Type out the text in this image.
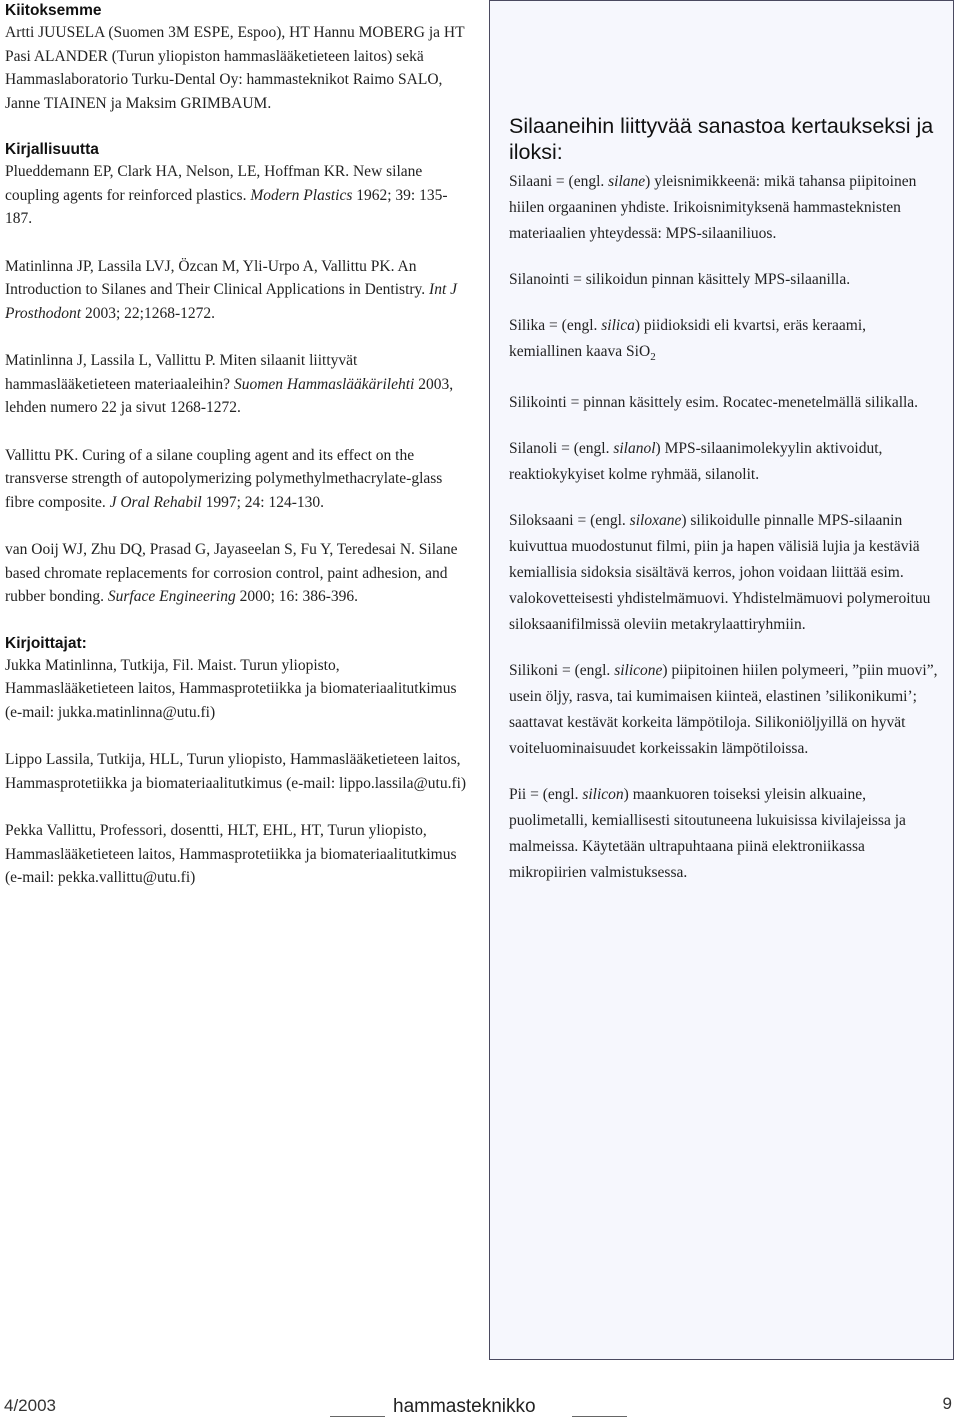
Kiitoksemme

Artti JUUSELA (Suomen 3M ESPE, Espoo), HT Hannu MOBERG ja HT Pasi ALANDER (Turun yliopiston hammaslääketieteen laitos) sekä Hammaslaboratorio Turku-Dental Oy: hammasteknikot Raimo SALO, Janne TIAINEN ja Maksim GRIMBAUM.

Kirjallisuutta

Plueddemann EP, Clark HA, Nelson, LE, Hoffman KR. New silane coupling agents for reinforced plastics. Modern Plastics 1962; 39: 135-187.

Matinlinna JP, Lassila LVJ, Özcan M, Yli-Urpo A, Vallittu PK. An Introduction to Silanes and Their Clinical Applications in Dentistry. Int J Prosthodont 2003; 22;1268-1272.

Matinlinna J, Lassila L, Vallittu P. Miten silaanit liittyvät hammaslääketieteen materiaaleihin? Suomen Hammaslääkärilehti 2003, lehden numero 22 ja sivut 1268-1272.

Vallittu PK. Curing of a silane coupling agent and its effect on the transverse strength of autopolymerizing polymethylmethacrylate-glass fibre composite. J Oral Rehabil 1997; 24: 124-130.

van Ooij WJ, Zhu DQ, Prasad G, Jayaseelan S, Fu Y, Teredesai N. Silane based chromate replacements for corrosion control, paint adhesion, and rubber bonding. Surface Engineering 2000; 16: 386-396.

Kirjoittajat:

Jukka Matinlinna, Tutkija, Fil. Maist. Turun yliopisto, Hammaslääketieteen laitos, Hammasprotetiikka ja biomateriaalitutkimus (e-mail: jukka.matinlinna@utu.fi)

Lippo Lassila, Tutkija, HLL, Turun yliopisto, Hammaslääketieteen laitos, Hammasprotetiikka ja biomateriaalitutkimus (e-mail: lippo.lassila@utu.fi)

Pekka Vallittu, Professori, dosentti, HLT, EHL, HT, Turun yliopisto, Hammaslääketieteen laitos, Hammasprotetiikka ja biomateriaalitutkimus (e-mail: pekka.vallittu@utu.fi)

Silaaneihin liittyvää sanastoa kertaukseksi ja iloksi:

Silaani = (engl. silane) yleisnimikkeenä: mikä tahansa piipitoinen hiilen orgaaninen yhdiste. Irikoisnimityksenä hammasteknisten materiaalien yhteydessä: MPS-silaaniliuos.

Silanointi = silikoidun pinnan käsittely MPS-silaanilla.

Silika = (engl. silica) piidioksidi eli kvartsi, eräs keraami, kemiallinen kaava SiO$_2$

Silikointi = pinnan käsittely esim. Rocatec-menetelmällä silikalla.

Silanoli = (engl. silanol) MPS-silaanimolekyylin aktivoidut, reaktiokykyiset kolme ryhmää, silanolit.

Siloksaani = (engl. siloxane) silikoidulle pinnalle MPS-silaanin kuivuttua muodostunut filmi, piin ja hapen välisiä lujia ja kestäviä kemiallisia sidoksia sisältävä kerros, johon voidaan liittää esim. valokovetteisesti yhdistelmämuovi. Yhdistelmämuovi polymeroituu siloksaanifilmissä oleviin metakrylaattiryhmiin.

Silikoni = (engl. silicone) piipitoinen hiilen polymeeri, ”piin muovi”, usein öljy, rasva, tai kumimaisen kiinteä, elastinen ’silikonikumi’; saattavat kestävät korkeita lämpötiloja. Silikoniöljyillä on hyvät voiteluominaisuudet korkeissakin lämpötiloissa.

Pii = (engl. silicon) maankuoren toiseksi yleisin alkuaine, puolimetalli, kemiallisesti sitoutuneena lukuisissa kivilajeissa ja malmeissa. Käytetään ultrapuhtaana piinä elektroniikassa mikropiirien valmistuksessa.

4/2003	hammasteknikko	9
